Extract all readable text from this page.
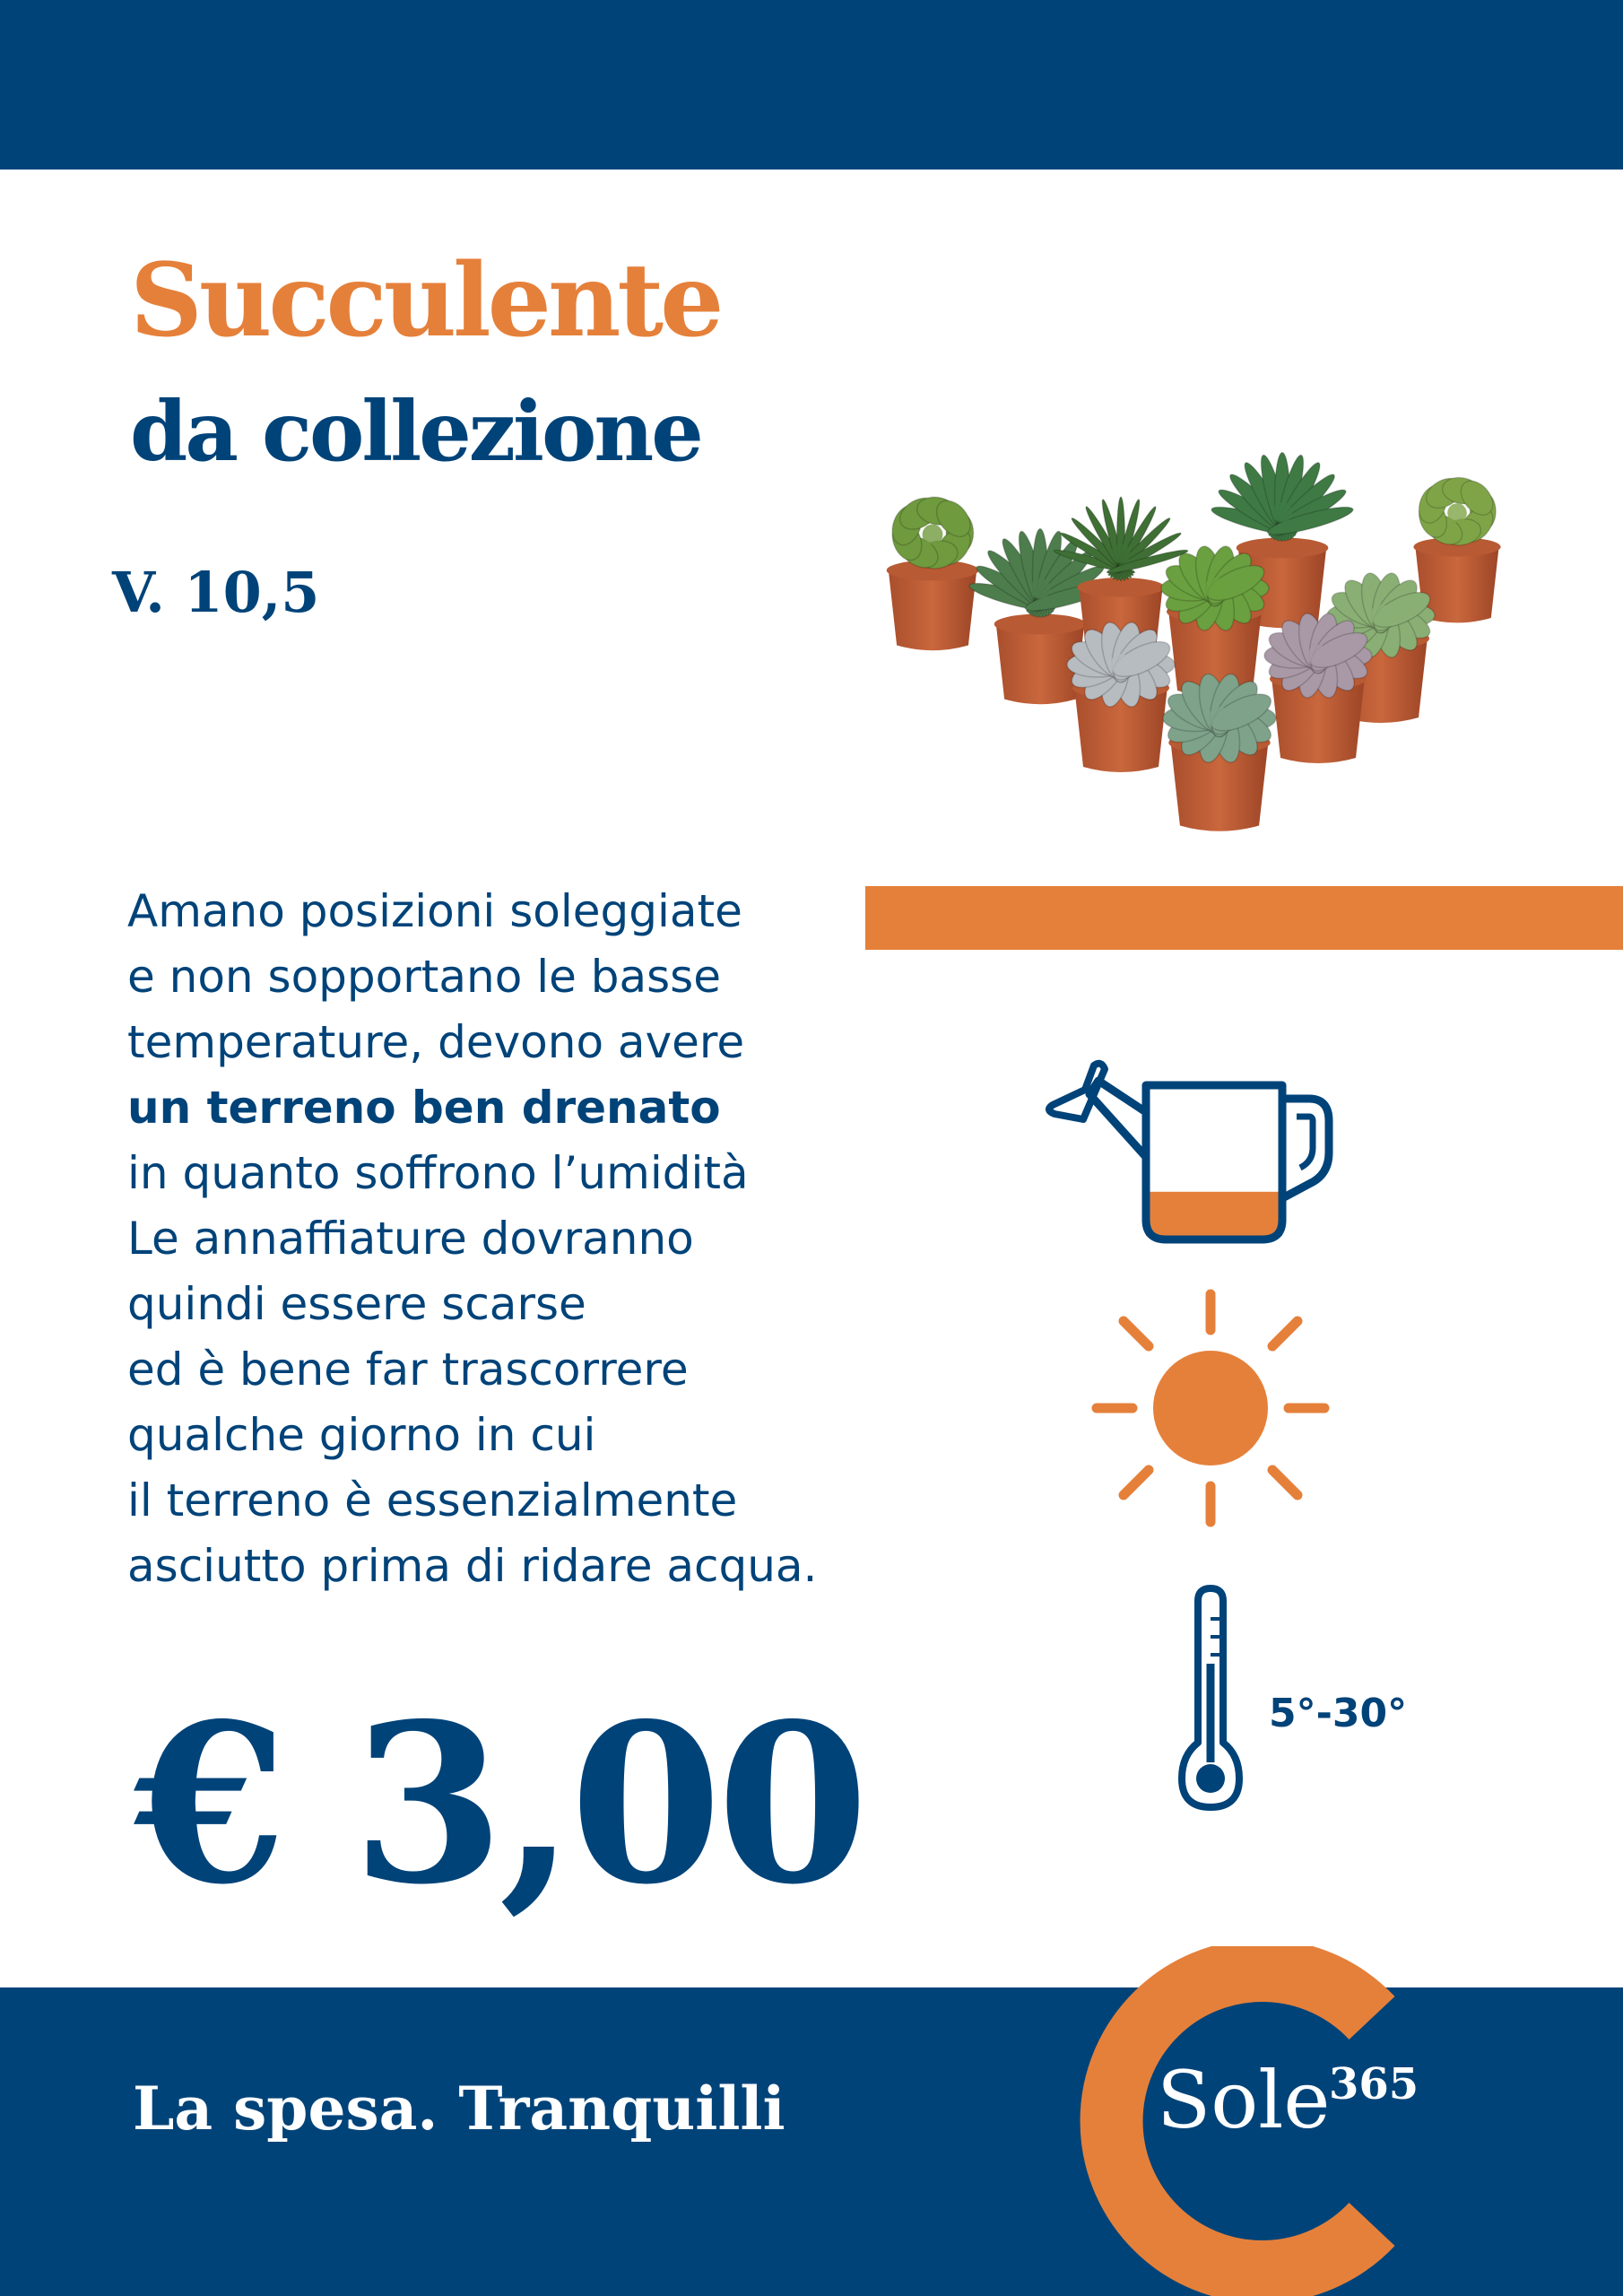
Succulente
da collezione
V. 10,5
Amano posizioni soleggiate
e non sopportano le basse
temperature, devono avere
un terreno ben drenato
in quanto soffrono l’umidità
Le annaffiature dovranno
quindi essere scarse
ed è bene far trascorrere
qualche giorno in cui
il terreno è essenzialmente
asciutto prima di ridare acqua.
5°-30°
€ 3,00
La spesa. Tranquilli	Sole
365
